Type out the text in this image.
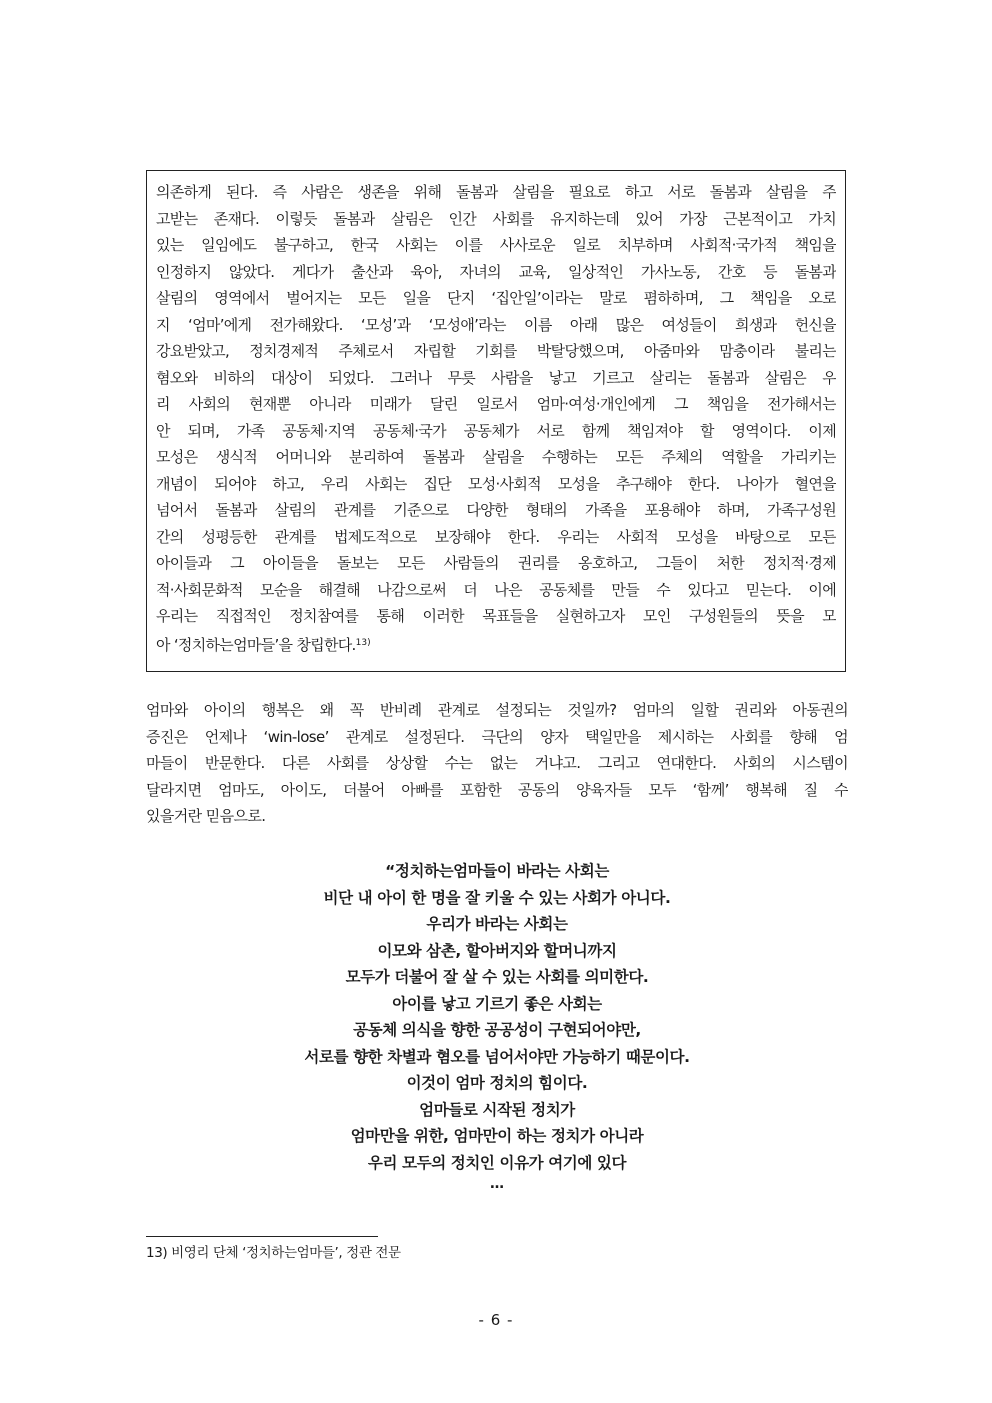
의존하게 된다. 즉 사람은 생존을 위해 돌봄과 살림을 필요로 하고 서로 돌봄과 살림을 주
고받는 존재다. 이렇듯 돌봄과 살림은 인간 사회를 유지하는데 있어 가장 근본적이고 가치
있는 일임에도 불구하고, 한국 사회는 이를 사사로운 일로 치부하며 사회적·국가적 책임을
인정하지 않았다. 게다가 출산과 육아, 자녀의 교육, 일상적인 가사노동, 간호 등 돌봄과
살림의 영역에서 벌어지는 모든 일을 단지 ‘집안일’이라는 말로 폄하하며, 그 책임을 오로
지 ‘엄마’에게 전가해왔다. ‘모성’과 ‘모성애’라는 이름 아래 많은 여성들이 희생과 헌신을
강요받았고, 정치경제적 주체로서 자립할 기회를 박탈당했으며, 아줌마와 맘충이라 불리는
혐오와 비하의 대상이 되었다. 그러나 무릇 사람을 낳고 기르고 살리는 돌봄과 살림은 우
리 사회의 현재뿐 아니라 미래가 달린 일로서 엄마·여성·개인에게 그 책임을 전가해서는
안 되며, 가족 공동체·지역 공동체·국가 공동체가 서로 함께 책임져야 할 영역이다. 이제
모성은 생식적 어머니와 분리하여 돌봄과 살림을 수행하는 모든 주체의 역할을 가리키는
개념이 되어야 하고, 우리 사회는 집단 모성·사회적 모성을 추구해야 한다. 나아가 혈연을
넘어서 돌봄과 살림의 관계를 기준으로 다양한 형태의 가족을 포용해야 하며, 가족구성원
간의 성평등한 관계를 법제도적으로 보장해야 한다. 우리는 사회적 모성을 바탕으로 모든
아이들과 그 아이들을 돌보는 모든 사람들의 권리를 옹호하고, 그들이 처한 정치적·경제
적·사회문화적 모순을 해결해 나감으로써 더 나은 공동체를 만들 수 있다고 믿는다. 이에
우리는 직접적인 정치참여를 통해 이러한 목표들을 실현하고자 모인 구성원들의 뜻을 모
아 ‘정치하는엄마들’을 창립한다.$^{13)}$
엄마와 아이의 행복은 왜 꼭 반비례 관계로 설정되는 것일까? 엄마의 일할 권리와 아동권의
증진은 언제나 ‘win-lose’ 관계로 설정된다. 극단의 양자 택일만을 제시하는 사회를 향해 엄
마들이 반문한다. 다른 사회를 상상할 수는 없는 거냐고. 그리고 연대한다. 사회의 시스템이
달라지면 엄마도, 아이도, 더불어 아빠를 포함한 공동의 양육자들 모두 ‘함께’ 행복해 질 수
있을거란 믿음으로.
“정치하는엄마들이 바라는 사회는
비단 내 아이 한 명을 잘 키울 수 있는 사회가 아니다.
우리가 바라는 사회는
이모와 삼촌, 할아버지와 할머니까지
모두가 더불어 잘 살 수 있는 사회를 의미한다.
아이를 낳고 기르기 좋은 사회는
공동체 의식을 향한 공공성이 구현되어야만,
서로를 향한 차별과 혐오를 넘어서야만 가능하기 때문이다.
이것이 엄마 정치의 힘이다.
엄마들로 시작된 정치가
엄마만을 위한, 엄마만이 하는 정치가 아니라
우리 모두의 정치인 이유가 여기에 있다
…
13) 비영리 단체 ‘정치하는엄마들’, 정관 전문
- 6 -
